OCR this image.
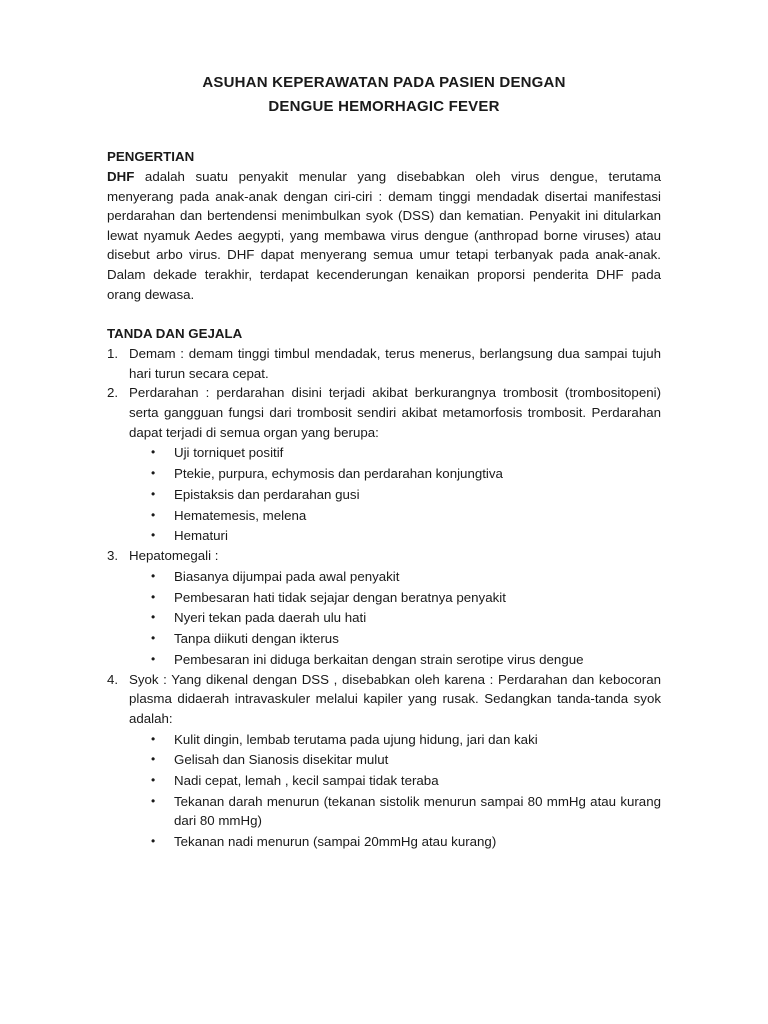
ASUHAN KEPERAWATAN PADA PASIEN DENGAN
DENGUE HEMORHAGIC FEVER
PENGERTIAN

DHF adalah suatu penyakit menular yang disebabkan oleh virus dengue, terutama menyerang pada anak-anak dengan ciri-ciri : demam tinggi mendadak disertai manifestasi perdarahan dan bertendensi menimbulkan syok (DSS) dan kematian. Penyakit ini ditularkan lewat nyamuk Aedes aegypti, yang membawa virus dengue (anthropad borne viruses) atau disebut arbo virus. DHF dapat menyerang semua umur tetapi terbanyak pada anak-anak. Dalam dekade terakhir, terdapat kecenderungan kenaikan proporsi penderita DHF pada orang dewasa.

TANDA DAN GEJALA
1. Demam : demam tinggi timbul mendadak, terus menerus, berlangsung dua sampai tujuh hari turun secara cepat.
2. Perdarahan : perdarahan disini terjadi akibat berkurangnya trombosit (trombositopeni) serta gangguan fungsi dari trombosit sendiri akibat metamorfosis trombosit. Perdarahan dapat terjadi di semua organ yang berupa:
• Uji torniquet positif
• Ptekie, purpura, echymosis dan perdarahan konjungtiva
• Epistaksis dan perdarahan gusi
• Hematemesis, melena
• Hematuri
3. Hepatomegali :
• Biasanya dijumpai pada awal penyakit
• Pembesaran hati tidak sejajar dengan beratnya penyakit
• Nyeri tekan pada daerah ulu hati
• Tanpa diikuti dengan ikterus
• Pembesaran ini diduga berkaitan dengan strain serotipe virus dengue
4. Syok : Yang dikenal dengan DSS , disebabkan oleh karena : Perdarahan dan kebocoran plasma didaerah intravaskuler melalui kapiler yang rusak. Sedangkan tanda-tanda syok adalah:
• Kulit dingin, lembab terutama pada ujung hidung, jari dan kaki
• Gelisah dan Sianosis disekitar mulut
• Nadi cepat, lemah , kecil sampai tidak teraba
• Tekanan darah menurun (tekanan sistolik menurun sampai 80 mmHg atau kurang dari 80 mmHg)
• Tekanan nadi menurun (sampai 20mmHg atau kurang)
